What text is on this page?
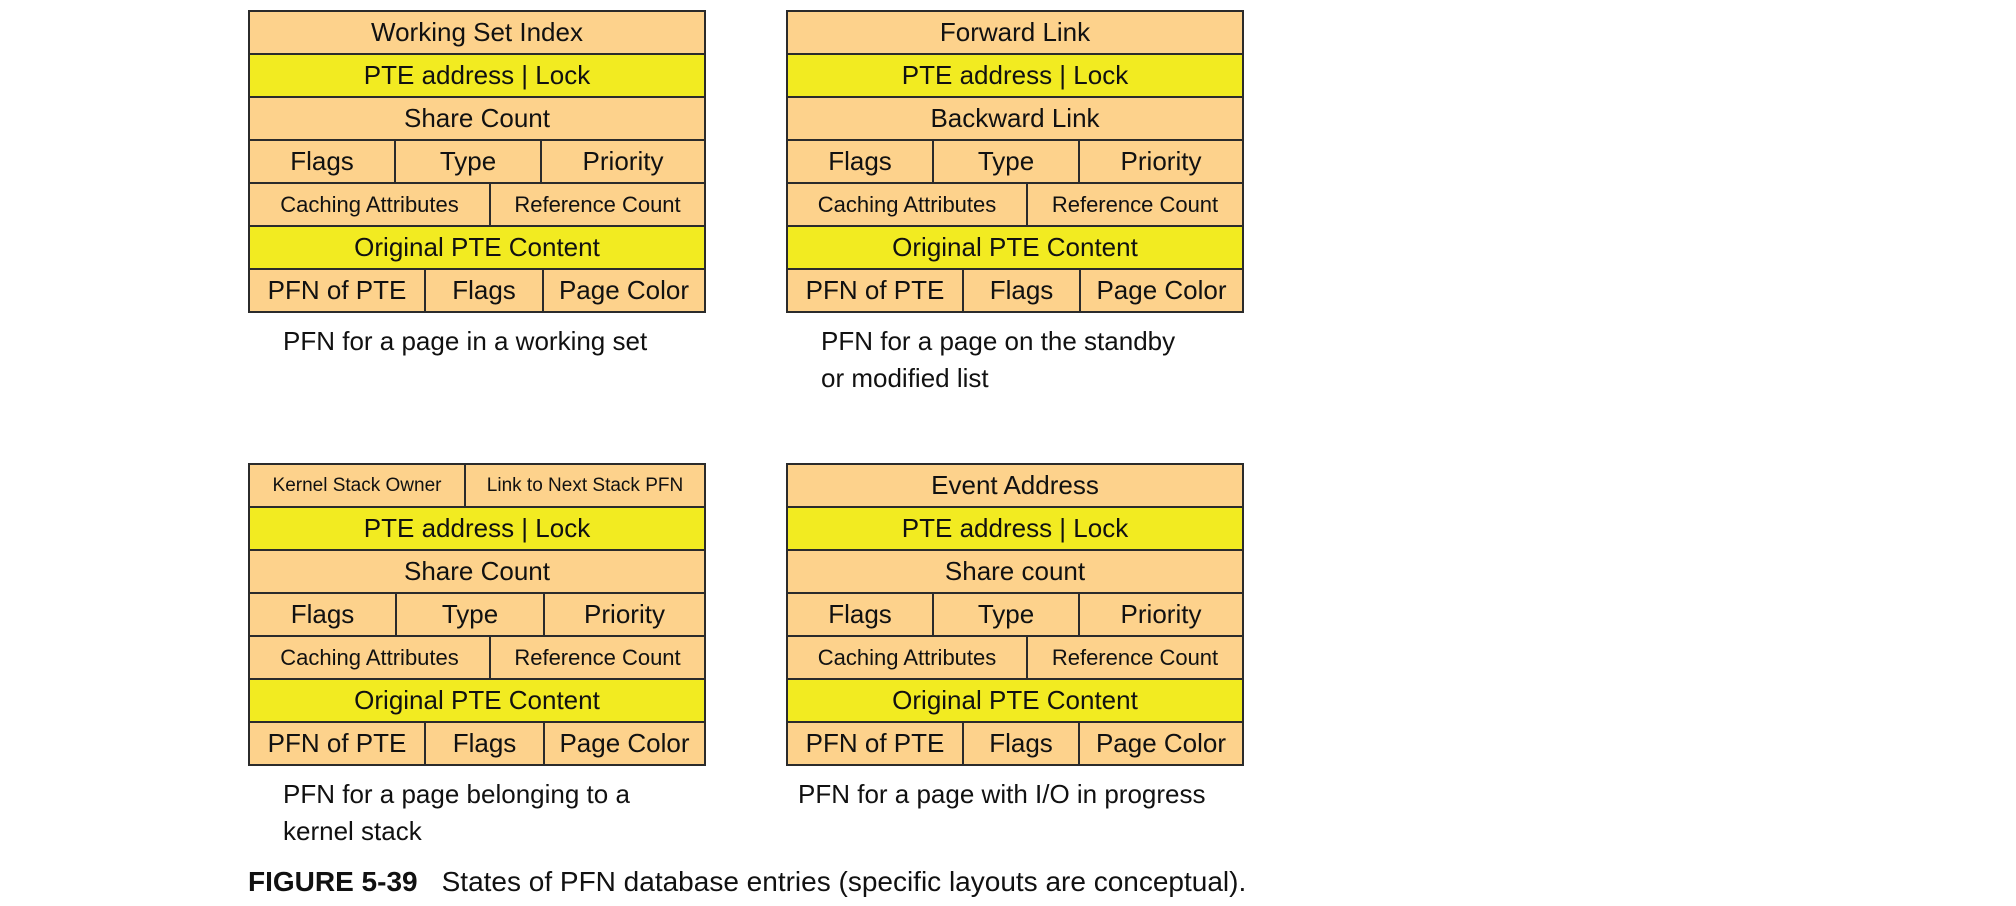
Working Set Index
PTE address | Lock
Share Count
Flags	Type	Priority
Caching Attributes	Reference Count
Original PTE Content
PFN of PTE	Flags	Page Color
PFN for a page in a working set
Forward Link
PTE address | Lock
Backward Link
Flags	Type	Priority
Caching Attributes	Reference Count
Original PTE Content
PFN of PTE	Flags	Page Color
PFN for a page on the standby
or modified list
Kernel Stack Owner	Link to Next Stack PFN
PTE address | Lock
Share Count
Flags	Type	Priority
Caching Attributes	Reference Count
Original PTE Content
PFN of PTE	Flags	Page Color
PFN for a page belonging to a
kernel stack
Event Address
PTE address | Lock
Share count
Flags	Type	Priority
Caching Attributes	Reference Count
Original PTE Content
PFN of PTE	Flags	Page Color
PFN for a page with I/O in progress
FIGURE 5-39 States of PFN database entries (specific layouts are conceptual).
